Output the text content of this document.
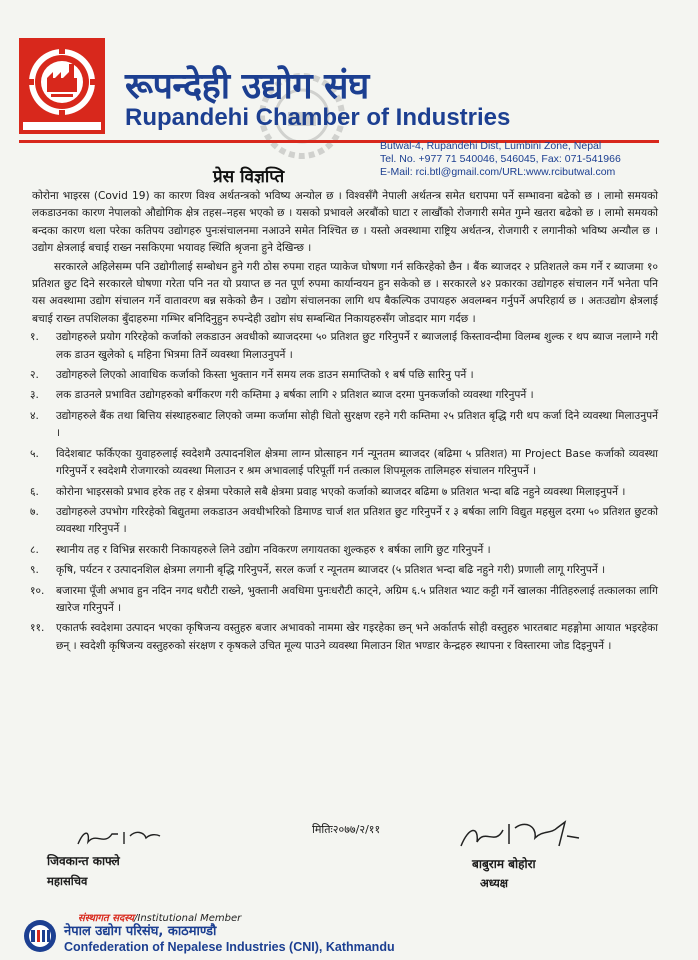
रूपन्देही उद्योग संघ
Rupandehi Chamber of Industries
Butwal-4, Rupandehi Dist, Lumbini Zone, Nepal
Tel. No. +977 71 540046, 546045, Fax: 071-541966
E-Mail: rci.btl@gmail.com/URL:www.rcibutwal.com
प्रेस विज्ञप्ति

कोरोना भाइरस (Covid 19) का कारण विश्व अर्थतन्त्रको भविष्य अन्योल छ । विश्वसँगै नेपाली अर्थतन्त्र समेत धरापमा पर्ने सम्भावना बढेको छ । लामो समयको लकडाउनका कारण नेपालको औद्योगिक क्षेत्र तहस–नहस भएको छ । यसको प्रभावले अरबौंको घाटा र लाखौंको रोजगारी समेत गुम्ने खतरा बढेको छ । लामो समयको बन्दका कारण थला परेका कतिपय उद्योगहरु पुनःसंचालनमा नआउने समेत निश्चित छ । यस्तो अवस्थामा राष्ट्रिय अर्थतन्त्र, रोजगारी र लगानीको भविष्य अन्यौल छ । उद्योग क्षेत्रलाई बचाई राख्न नसकिएमा भयावह स्थिति श्रृजना हुने देखिन्छ ।

सरकारले अहिलेसम्म पनि उद्योगीलाई सम्बोधन हुने गरी ठोस रुपमा राहत प्याकेज घोषणा गर्न सकिरहेको छैन । बैंक ब्याजदर २ प्रतिशतले कम गर्ने र ब्याजमा १० प्रतिशत छुट दिने सरकारले घोषणा गरेता पनि नत यो प्रयाप्त छ नत पूर्ण रुपमा कार्यान्वयन हुन सकेको छ । सरकारले ४२ प्रकारका उद्योगहरु संचालन गर्ने भनेता पनि यस अवस्थामा उद्योग संचालन गर्ने वातावरण बन्न सकेको छैन । उद्योग संचालनका लागि थप बैकल्पिक उपायहरु अवलम्बन गर्नुपर्ने अपरिहार्य छ । अतःउद्योग क्षेत्रलाई बचाई राख्न तपशिलका बुँदाहरुमा गम्भिर बनिदिनुहुन रुपन्देही उद्योग संघ सम्बन्धित निकायहरुसँग जोडदार माग गर्दछ ।

१.	उद्योगहरुले प्रयोग गरिरहेको कर्जाको लकडाउन अवधीको ब्याजदरमा ५० प्रतिशत छुट गरिनुपर्ने र ब्याजलाई किस्तावन्दीमा विलम्ब शुल्क र थप ब्याज नलाग्ने गरी लक डाउन खुलेको ६ महिना भित्रमा तिर्ने व्यवस्था मिलाउनुपर्ने ।
२.	उद्योगहरुले लिएको आवाधिक कर्जाको किस्ता भुक्तान गर्ने समय लक डाउन समाप्तिको १ बर्ष पछि सारिनु पर्ने ।
३.	लक डाउनले प्रभावित उद्योगहरुको बर्गीकरण गरी कम्तिमा ३ बर्षका लागि २ प्रतिशत ब्याज दरमा पुनकर्जाको व्यवस्था गरिनुपर्ने ।
४.	उद्योगहरुले बैंक तथा बित्तिय संस्थाहरुबाट लिएको जम्मा कर्जामा सोही धितो सुरक्षण रहने गरी कम्तिमा २५ प्रतिशत बृद्धि गरी थप कर्जा दिने व्यवस्था मिलाउनुपर्ने ।
५.	विदेशबाट फर्किएका युवाहरुलाई स्वदेशमै उत्पादनशिल क्षेत्रमा लाग्न प्रोत्साहन गर्न न्यूनतम ब्याजदर (बढिमा ५ प्रतिशत) मा Project Base कर्जाको व्यवस्था गरिनुपर्ने र स्वदेशमै रोजगारको व्यवस्था मिलाउन र श्रम अभावलाई परिपूर्ती गर्न तत्काल शिपमूलक तालिमहरु संचालन गरिनुपर्ने ।
६.	कोरोना भाइरसको प्रभाव हरेक तह र क्षेत्रमा परेकाले सबै क्षेत्रमा प्रवाह भएको कर्जाको ब्याजदर बढिमा ७ प्रतिशत भन्दा बढि नहुने व्यवस्था मिलाइनुपर्ने ।
७.	उद्योगहरुले उपभोग गरिरहेको बिद्युतमा लकडाउन अवधीभरिको डिमाण्ड चार्ज शत प्रतिशत छुट गरिनुपर्ने र ३ बर्षका लागि विद्युत महसुल दरमा ५० प्रतिशत छुटको व्यवस्था गरिनुपर्ने ।
८.	स्थानीय तह र विभिन्न सरकारी निकायहरुले लिने उद्योग नविकरण लगायतका शुल्कहरु १ बर्षका लागि छुट गरिनुपर्ने ।
९.	कृषि, पर्यटन र उत्पादनशिल क्षेत्रमा लगानी बृद्धि गरिनुपर्ने, सरल कर्जा र न्यूनतम ब्याजदर (५ प्रतिशत भन्दा बढि नहुने गरी) प्रणाली लागू गरिनुपर्ने ।
१०.	बजारमा पूँजी अभाव हुन नदिन नगद धरौटी राख्ने, भुक्तानी अवधिमा पुनःधरौटी काट्ने, अग्रिम ६.५ प्रतिशत भ्याट कट्टी गर्ने खालका नीतिहरुलाई तत्कालका लागि खारेज गरिनुपर्ने ।
११.	एकातर्फ स्वदेशमा उत्पादन भएका कृषिजन्य वस्तुहरु बजार अभावको नाममा खेर गइरहेका छन् भने अर्कातर्फ सोही वस्तुहरु भारतबाट महङ्गोमा आयात भइरहेका छन् । स्वदेशी कृषिजन्य वस्तुहरुको संरक्षण र कृषकले उचित मूल्य पाउने व्यवस्था मिलाउन शित भण्डार केन्द्रहरु स्थापना र विस्तारमा जोड दिइनुपर्ने ।
मितिः२०७७/२/११
जिवकान्त काफ्ले
महासचिव
बाबुराम बोहोरा
अध्यक्ष
संस्थागत सदस्य/Institutional Member
नेपाल उद्योग परिसंघ, काठमाण्डौ
Confederation of Nepalese Industries (CNI), Kathmandu
